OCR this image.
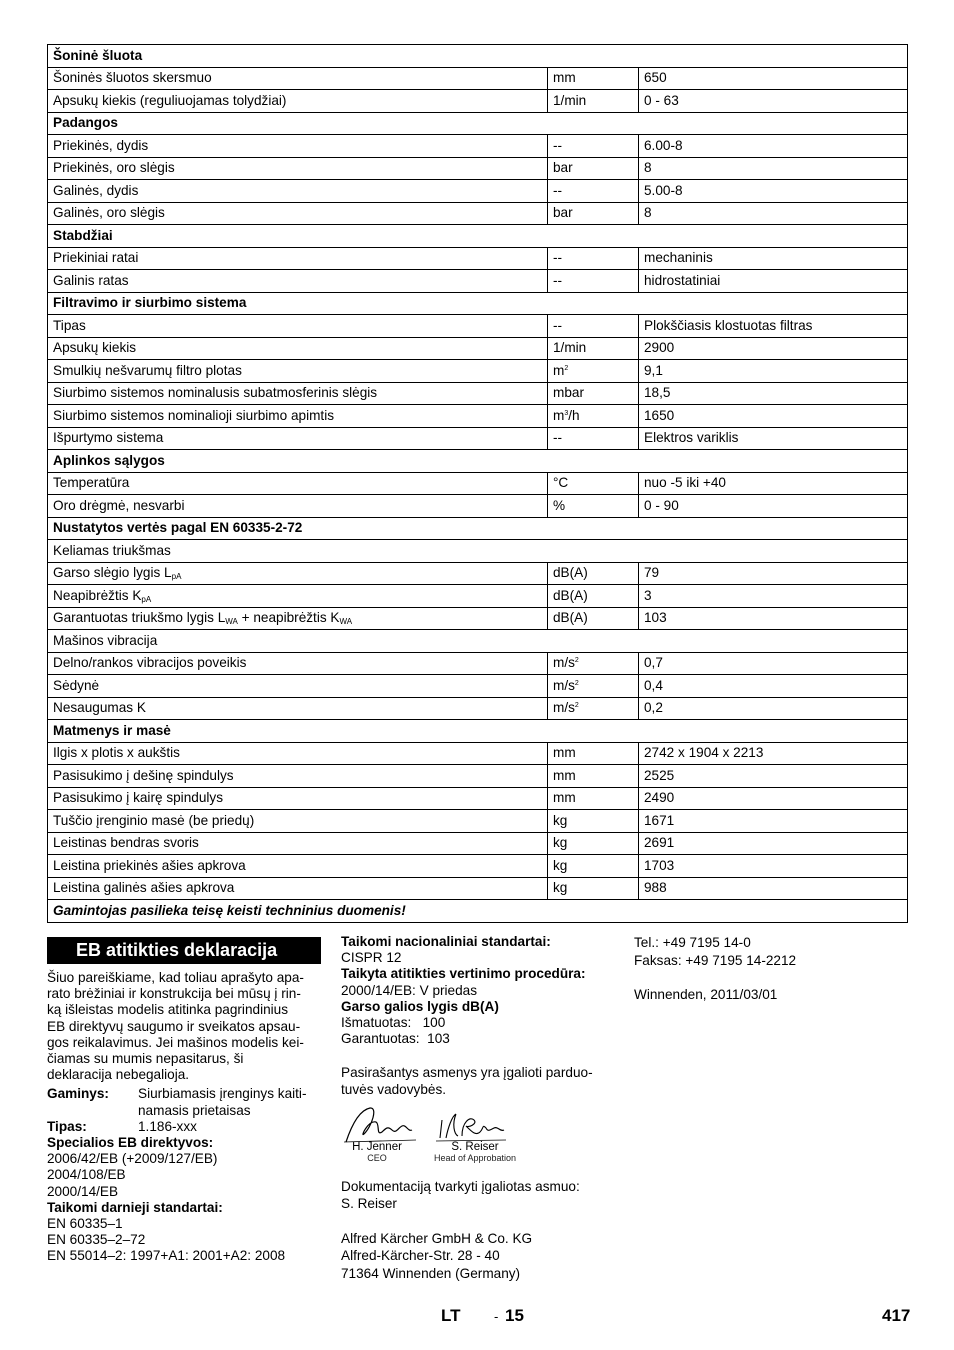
Šoninė šluota		
Šoninės šluotos skersmuo	mm	650
Apsukų kiekis (reguliuojamas tolydžiai)	1/min	0 - 63
Padangos		
Priekinės, dydis	--	6.00-8
Priekinės, oro slėgis	bar	8
Galinės, dydis	--	5.00-8
Galinės, oro slėgis	bar	8
Stabdžiai		
Priekiniai ratai	--	mechaninis
Galinis ratas	--	hidrostatiniai
Filtravimo ir siurbimo sistema		
Tipas	--	Plokščiasis klostuotas filtras
Apsukų kiekis	1/min	2900
Smulkių nešvarumų filtro plotas	$m^2$	9,1
Siurbimo sistemos nominalusis subatmosferinis slėgis	mbar	18,5
Siurbimo sistemos nominalioji siurbimo apimtis	$m^3/h$	1650
Išpurtymo sistema	--	Elektros variklis
Aplinkos sąlygos		
Temperatūra	°C	nuo -5 iki +40
Oro drėgmė, nesvarbi	%	0 - 90
Nustatytos vertės pagal EN 60335-2-72		
Keliamas triukšmas		
Garso slėgio lygis $L_{pA}$	dB(A)	79
Neapibrėžtis $K_{pA}$	dB(A)	3
Garantuotas triukšmo lygis $L_{WA}$ + neapibrėžtis $K_{WA}$	dB(A)	103
Mašinos vibracija		
Delno/rankos vibracijos poveikis	$m/s^2$	0,7
Sėdynė	$m/s^2$	0,4
Nesaugumas K	$m/s^2$	0,2
Matmenys ir masė		
Ilgis x plotis x aukštis	mm	2742 x 1904 x 2213
Pasisukimo į dešinę spindulys	mm	2525
Pasisukimo į kairę spindulys	mm	2490
Tuščio įrenginio masė (be priedų)	kg	1671
Leistinas bendras svoris	kg	2691
Leistina priekinės ašies apkrova	kg	1703
Leistina galinės ašies apkrova	kg	988
Gamintojas pasilieka teisę keisti techninius duomenis!		
EB atitikties deklaracija

Šiuo pareiškiame, kad toliau aprašyto apa-

rato brėžiniai ir konstrukcija bei mūsų į rin-

ką išleistas modelis atitinka pagrindinius

EB direktyvų saugumo ir sveikatos apsau-

gos reikalavimus. Jei mašinos modelis kei-

čiamas su mumis nepasitarus, ši

deklaracija nebegalioja.

Gaminys:	Siurbiamasis įrenginys kaiti-

namasis prietaisas

Tipas:	1.186-xxx

Specialios EB direktyvos:

2006/42/EB (+2009/127/EB)

2004/108/EB

2000/14/EB

Taikomi darnieji standartai:

EN 60335–1

EN 60335–2–72

EN 55014–2: 1997+A1: 2001+A2: 2008

Taikomi nacionaliniai standartai:

CISPR 12

Taikyta atitikties vertinimo procedūra:

2000/14/EB: V priedas

Garso galios lygis dB(A)

Išmatuotas:   100

Garantuotas:  103

Pasirašantys asmenys yra įgalioti parduo-

tuvės vadovybės.

H. Jenner
CEO
S. Reiser
Head of Approbation

Dokumentaciją tvarkyti įgaliotas asmuo:

S. Reiser

Alfred Kärcher GmbH & Co. KG

Alfred-Kärcher-Str. 28 - 40

71364 Winnenden (Germany)

Tel.: +49 7195 14-0

Faksas: +49 7195 14-2212

Winnenden, 2011/03/01

LT	- 15	417
